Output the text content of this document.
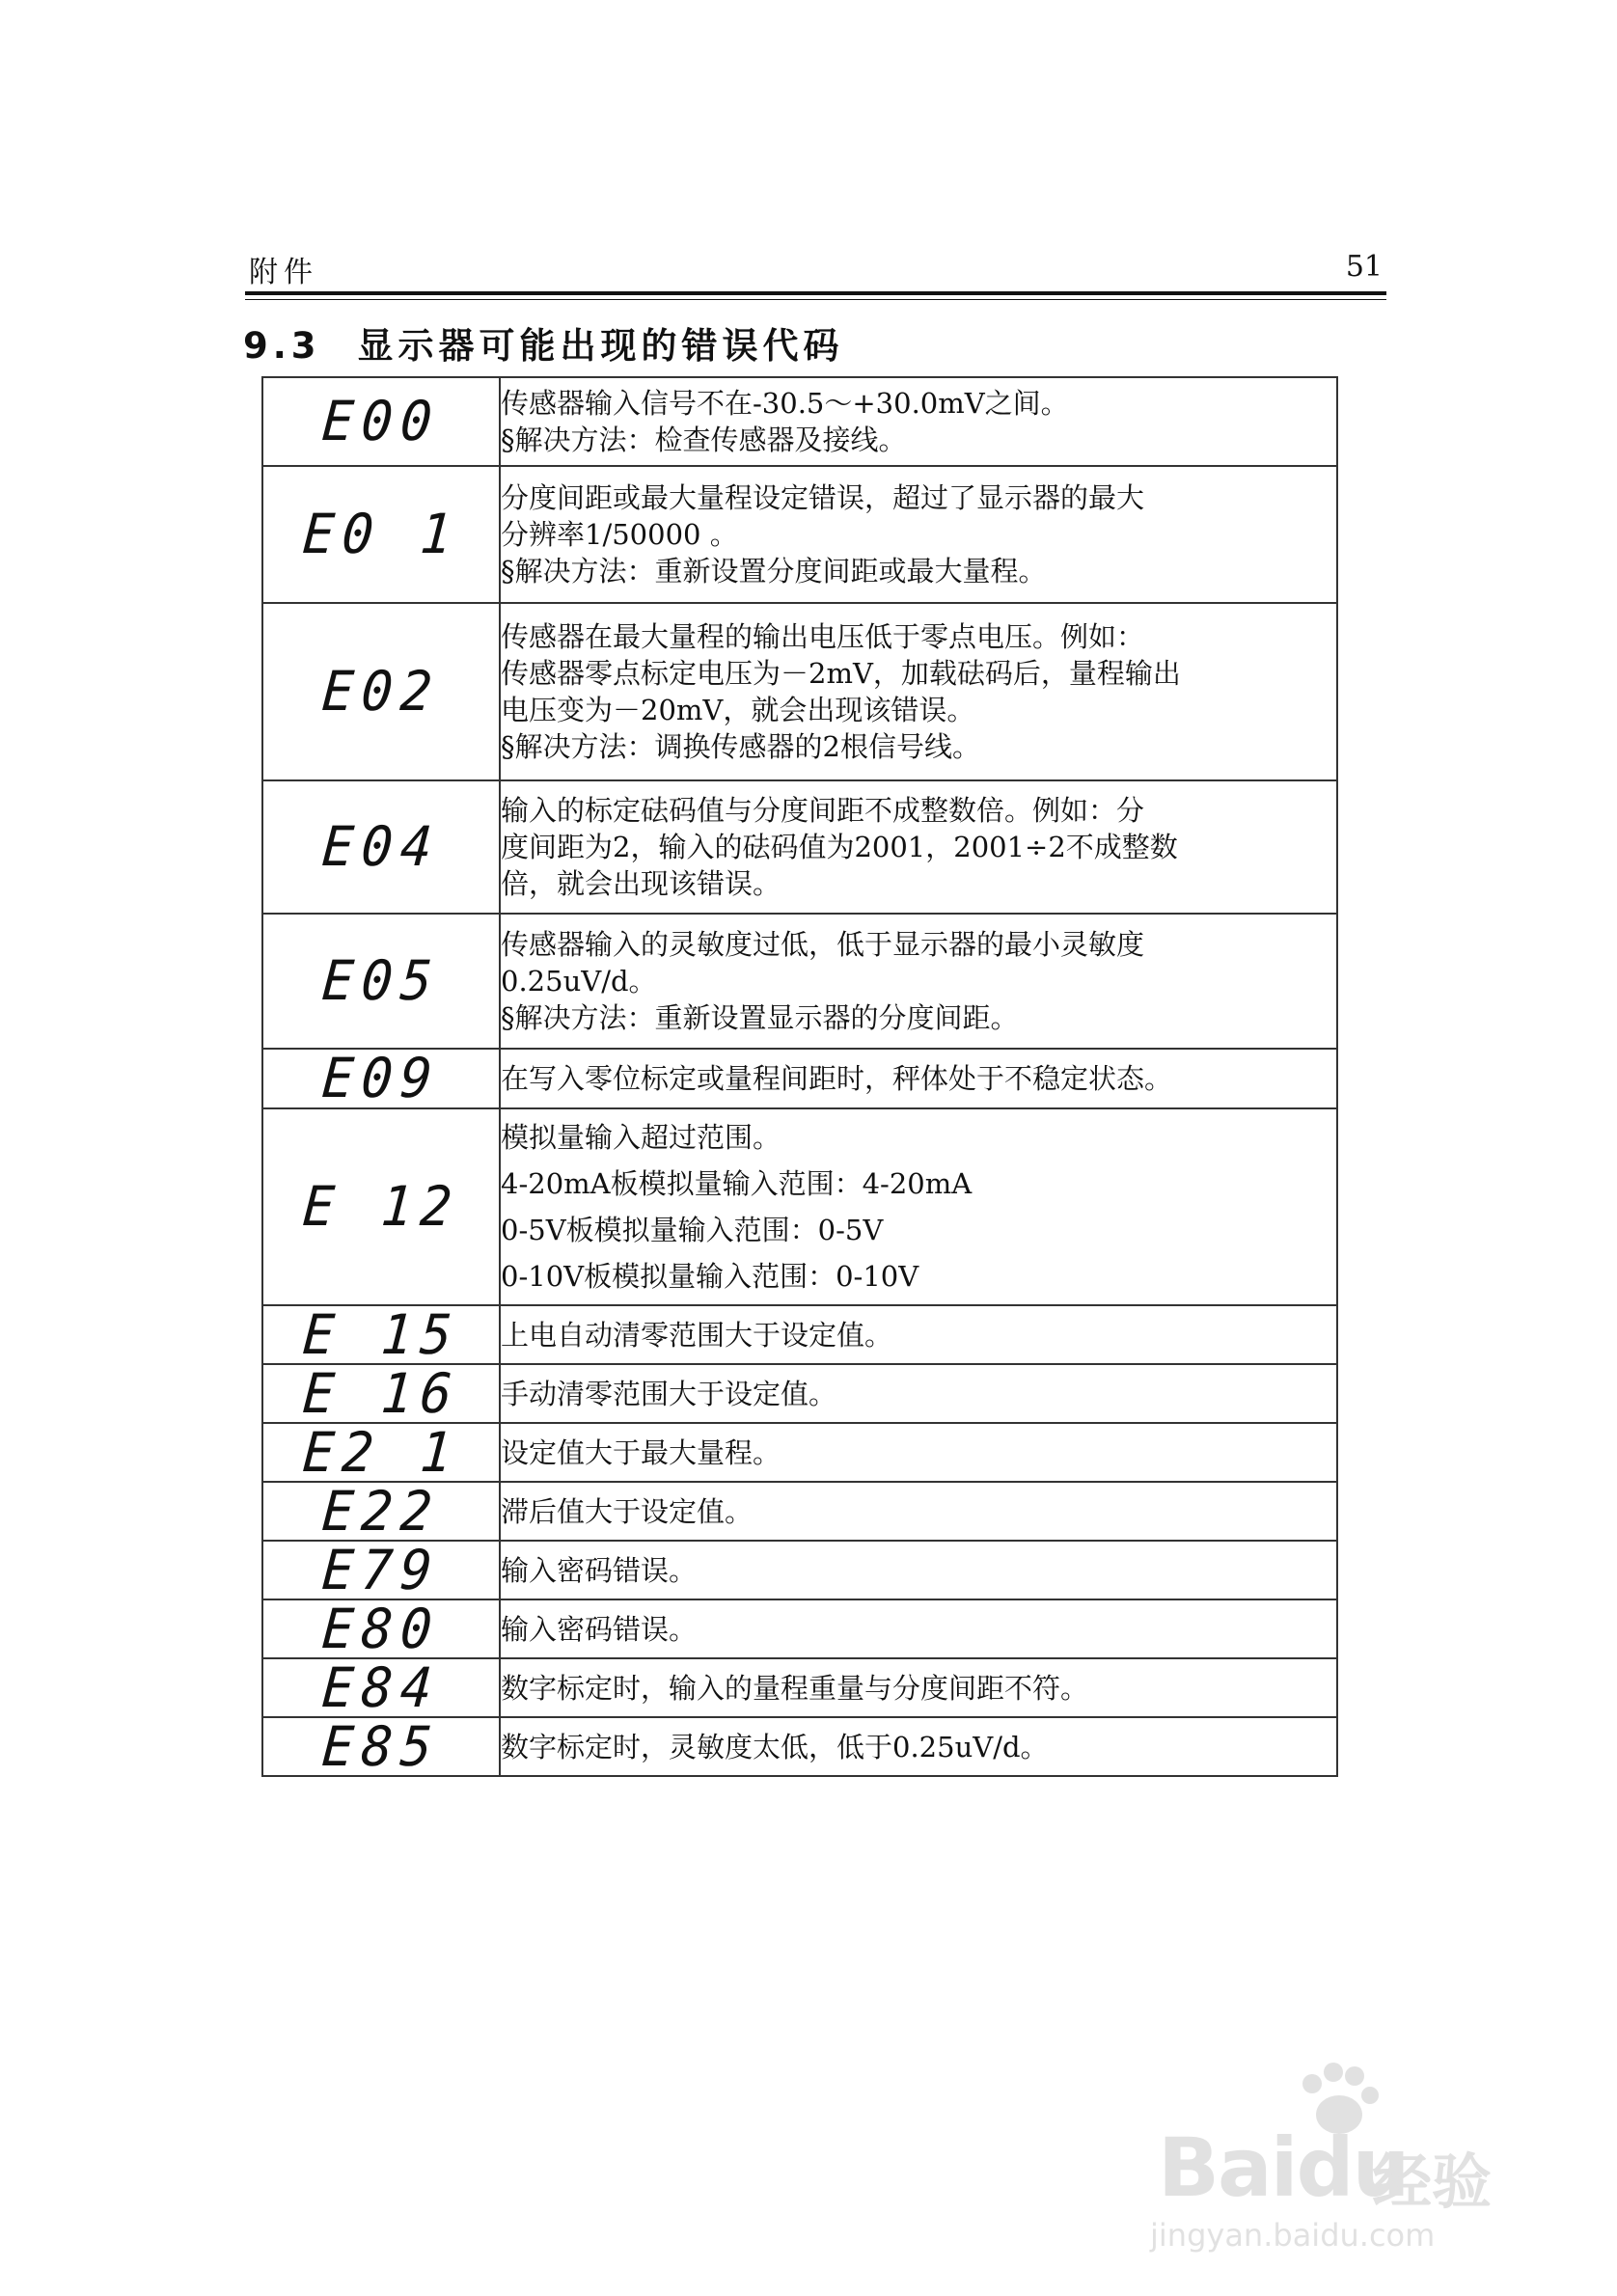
附件	51
9.3 显示器可能出现的错误代码
E00	传感器输入信号不在-30.5～+30.0mV之间。
§解决方法：检查传感器及接线。

E0 1	分度间距或最大量程设定错误，超过了显示器的最大
分辨率1/50000 。
§解决方法：重新设置分度间距或最大量程。

E02	传感器在最大量程的输出电压低于零点电压。例如：
传感器零点标定电压为－2mV，加载砝码后，量程输出
电压变为－20mV，就会出现该错误。
§解决方法：调换传感器的2根信号线。

E04	输入的标定砝码值与分度间距不成整数倍。例如：分
度间距为2，输入的砝码值为2001，2001÷2不成整数
倍，就会出现该错误。

E05	传感器输入的灵敏度过低，低于显示器的最小灵敏度
0.25uV/d。
§解决方法：重新设置显示器的分度间距。

E09	在写入零位标定或量程间距时，秤体处于不稳定状态。

E 12	模拟量输入超过范围。
4-20mA板模拟量输入范围：4-20mA
0-5V板模拟量输入范围：0-5V
0-10V板模拟量输入范围：0-10V

E 15	上电自动清零范围大于设定值。

E 16	手动清零范围大于设定值。

E2 1	设定值大于最大量程。

E22	滞后值大于设定值。

E79	输入密码错误。

E80	输入密码错误。

E84	数字标定时，输入的量程重量与分度间距不符。

E85	数字标定时，灵敏度太低，低于0.25uV/d。
Baidu
经验
jingyan.baidu.com
